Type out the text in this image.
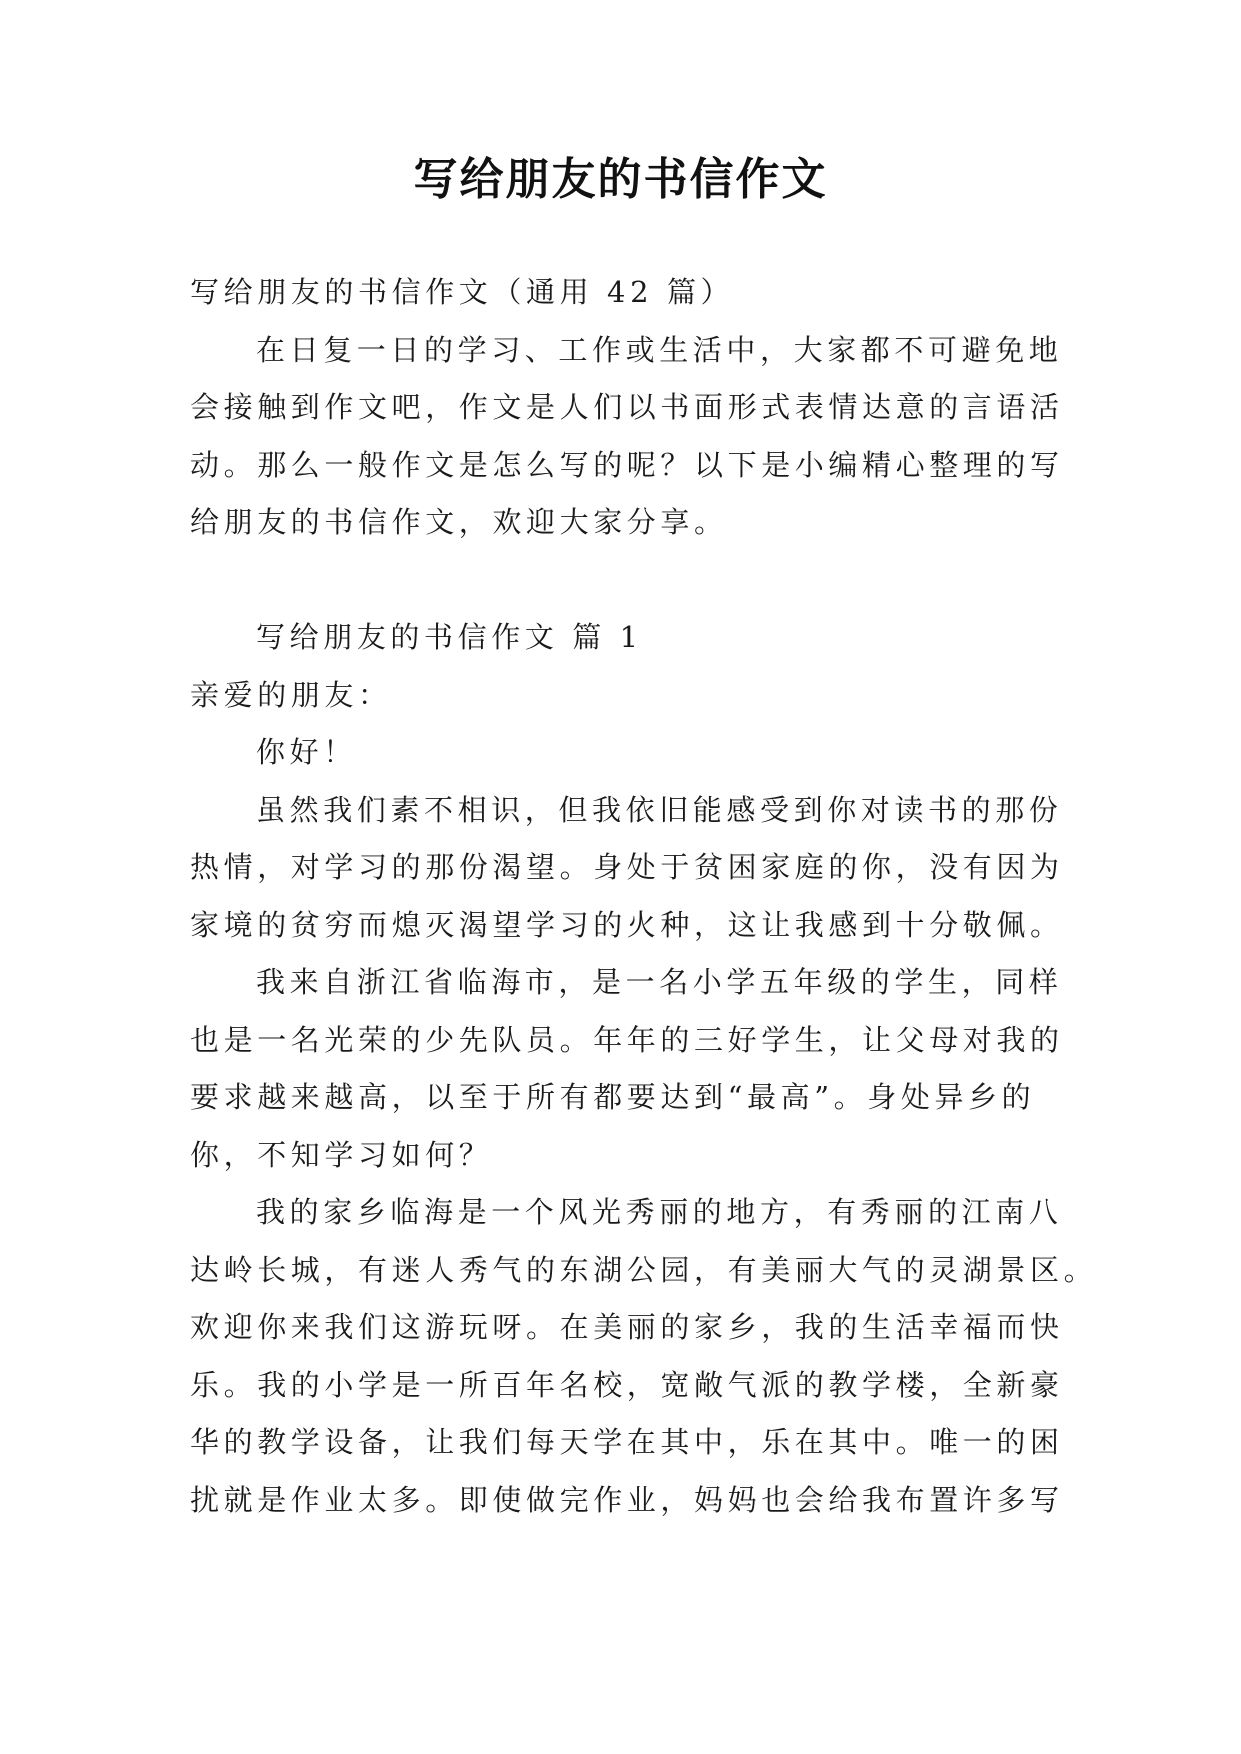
写给朋友的书信作文
写给朋友的书信作文（通用 42 篇）
在日复一日的学习、工作或生活中，大家都不可避免地
会接触到作文吧，作文是人们以书面形式表情达意的言语活
动。那么一般作文是怎么写的呢？以下是小编精心整理的写
给朋友的书信作文，欢迎大家分享。
写给朋友的书信作文 篇 1
亲爱的朋友：
你好！
虽然我们素不相识，但我依旧能感受到你对读书的那份
热情，对学习的那份渴望。身处于贫困家庭的你，没有因为
家境的贫穷而熄灭渴望学习的火种，这让我感到十分敬佩。
我来自浙江省临海市，是一名小学五年级的学生，同样
也是一名光荣的少先队员。年年的三好学生，让父母对我的
要求越来越高，以至于所有都要达到“最高”。身处异乡的
你，不知学习如何？
我的家乡临海是一个风光秀丽的地方，有秀丽的江南八
达岭长城，有迷人秀气的东湖公园，有美丽大气的灵湖景区。
欢迎你来我们这游玩呀。在美丽的家乡，我的生活幸福而快
乐。我的小学是一所百年名校，宽敞气派的教学楼，全新豪
华的教学设备，让我们每天学在其中，乐在其中。唯一的困
扰就是作业太多。即使做完作业，妈妈也会给我布置许多写
